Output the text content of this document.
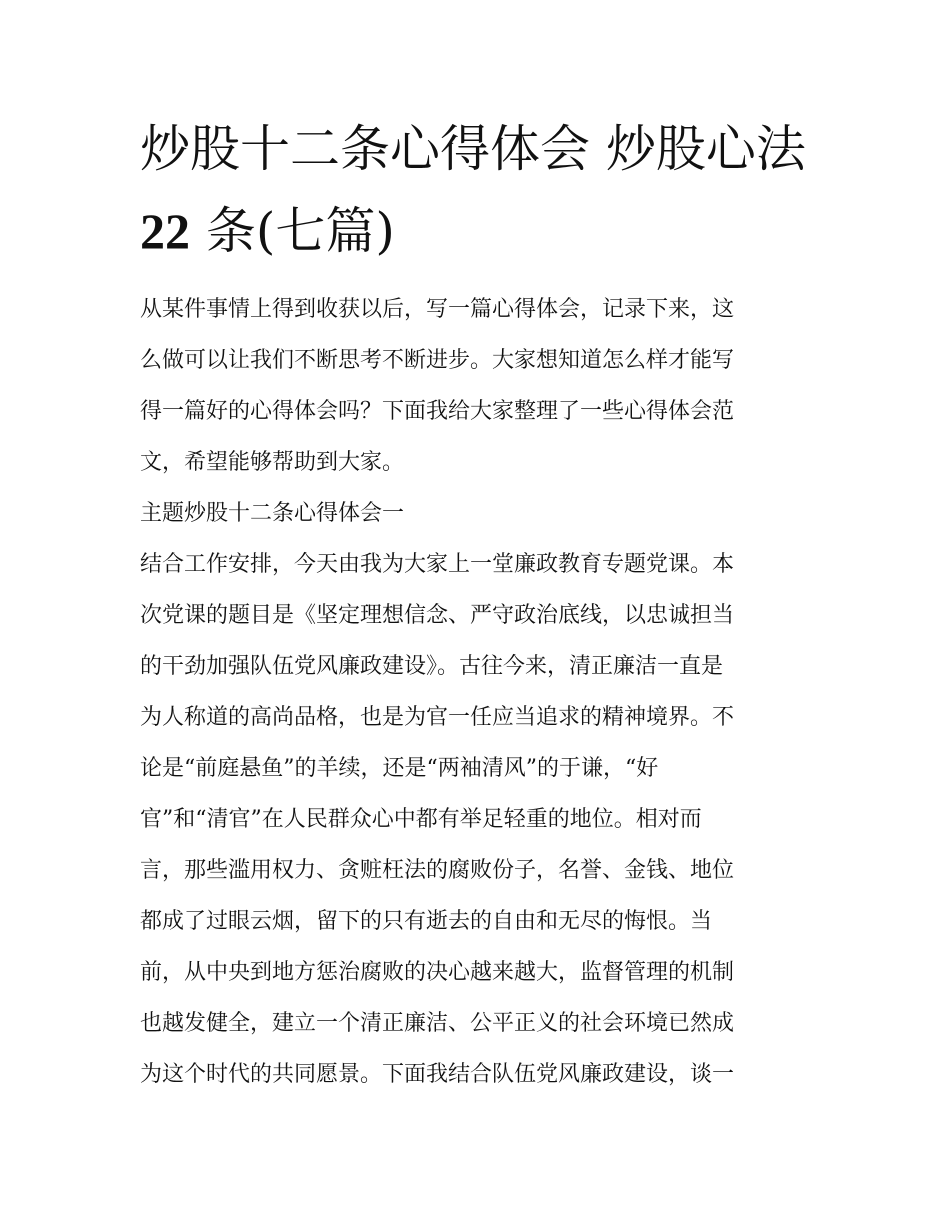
炒股十二条心得体会 炒股心法
22 条(七篇)

从某件事情上得到收获以后，写一篇心得体会，记录下来，这

么做可以让我们不断思考不断进步。大家想知道怎么样才能写

得一篇好的心得体会吗？下面我给大家整理了一些心得体会范

文，希望能够帮助到大家。

主题炒股十二条心得体会一

结合工作安排，今天由我为大家上一堂廉政教育专题党课。本

次党课的题目是《坚定理想信念、严守政治底线，以忠诚担当

的干劲加强队伍党风廉政建设》。古往今来，清正廉洁一直是

为人称道的高尚品格，也是为官一任应当追求的精神境界。不

论是“前庭悬鱼”的羊续，还是“两袖清风”的于谦，“好

官”和“清官”在人民群众心中都有举足轻重的地位。相对而

言，那些滥用权力、贪赃枉法的腐败份子，名誉、金钱、地位

都成了过眼云烟，留下的只有逝去的自由和无尽的悔恨。当

前，从中央到地方惩治腐败的决心越来越大，监督管理的机制

也越发健全，建立一个清正廉洁、公平正义的社会环境已然成

为这个时代的共同愿景。下面我结合队伍党风廉政建设，谈一
